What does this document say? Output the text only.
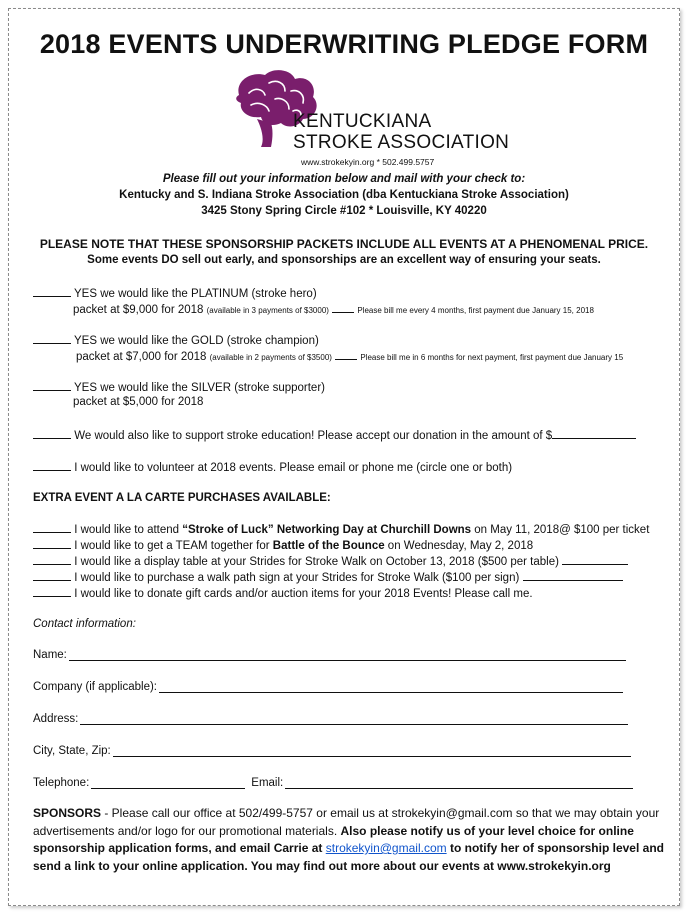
2018 EVENTS UNDERWRITING PLEDGE FORM
KENTUCKIANA
STROKE ASSOCIATION
www.strokekyin.org * 502.499.5757
Please fill out your information below and mail with your check to:
Kentucky and S. Indiana Stroke Association (dba Kentuckiana Stroke Association)
3425 Stony Spring Circle #102 * Louisville, KY 40220
PLEASE NOTE THAT THESE SPONSORSHIP PACKETS INCLUDE ALL EVENTS AT A PHENOMENAL PRICE.
Some events DO sell out early, and sponsorships are an excellent way of ensuring your seats.
YES we would like the PLATINUM (stroke hero)
packet at $9,000 for 2018 (available in 3 payments of $3000)	Please bill me every 4 months, first payment due January 15, 2018
YES we would like the GOLD (stroke champion)
packet at $7,000 for 2018 (available in 2 payments of $3500)	Please bill me in 6 months for next payment, first payment due January 15
YES we would like the SILVER (stroke supporter)
packet at $5,000 for 2018
We would also like to support stroke education! Please accept our donation in the amount of $
I would like to volunteer at 2018 events. Please email or phone me (circle one or both)
EXTRA EVENT A LA CARTE PURCHASES AVAILABLE:
I would like to attend “Stroke of Luck” Networking Day at Churchill Downs on May 11, 2018@ $100 per ticket
I would like to get a TEAM together for Battle of the Bounce on Wednesday, May 2, 2018
I would like a display table at your Strides for Stroke Walk on October 13, 2018 ($500 per table)
I would like to purchase a walk path sign at your Strides for Stroke Walk ($100 per sign)
I would like to donate gift cards and/or auction items for your 2018 Events! Please call me.
Contact information:
Name:
Company (if applicable):
Address:
City, State, Zip:
Telephone:	Email:
SPONSORS - Please call our office at 502/499-5757 or email us at strokekyin@gmail.com so that we may obtain your advertisements and/or logo for our promotional materials. Also please notify us of your level choice for online sponsorship application forms, and email Carrie at strokekyin@gmail.com to notify her of sponsorship level and send a link to your online application. You may find out more about our events at www.strokekyin.org
